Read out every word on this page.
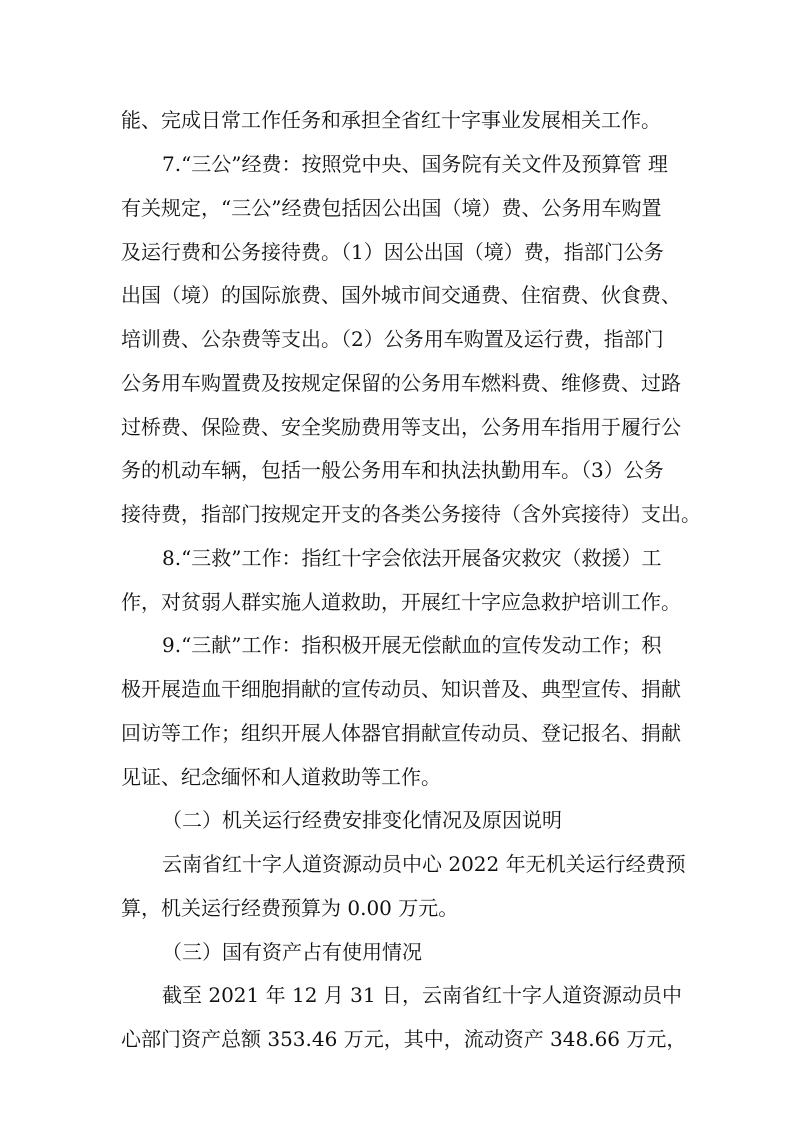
能、完成日常工作任务和承担全省红十字事业发展相关工作。
7.“三公”经费：按照党中央、国务院有关文件及预算管 理
有关规定，“三公”经费包括因公出国（境）费、公务用车购置
及运行费和公务接待费。（1）因公出国（境）费，指部门公务
出国（境）的国际旅费、国外城市间交通费、住宿费、伙食费、
培训费、公杂费等支出。（2）公务用车购置及运行费，指部门
公务用车购置费及按规定保留的公务用车燃料费、维修费、过路
过桥费、保险费、安全奖励费用等支出，公务用车指用于履行公
务的机动车辆，包括一般公务用车和执法执勤用车。（3）公务
接待费，指部门按规定开支的各类公务接待（含外宾接待）支出。
8.“三救”工作：指红十字会依法开展备灾救灾（救援）工
作，对贫弱人群实施人道救助，开展红十字应急救护培训工作。
9.“三献”工作：指积极开展无偿献血的宣传发动工作；积
极开展造血干细胞捐献的宣传动员、知识普及、典型宣传、捐献
回访等工作；组织开展人体器官捐献宣传动员、登记报名、捐献
见证、纪念缅怀和人道救助等工作。
（二）机关运行经费安排变化情况及原因说明
云南省红十字人道资源动员中心 2022 年无机关运行经费预
算，机关运行经费预算为 0.00 万元。
（三）国有资产占有使用情况
截至 2021 年 12 月 31 日，云南省红十字人道资源动员中
心部门资产总额 353.46 万元，其中，流动资产 348.66 万元，
